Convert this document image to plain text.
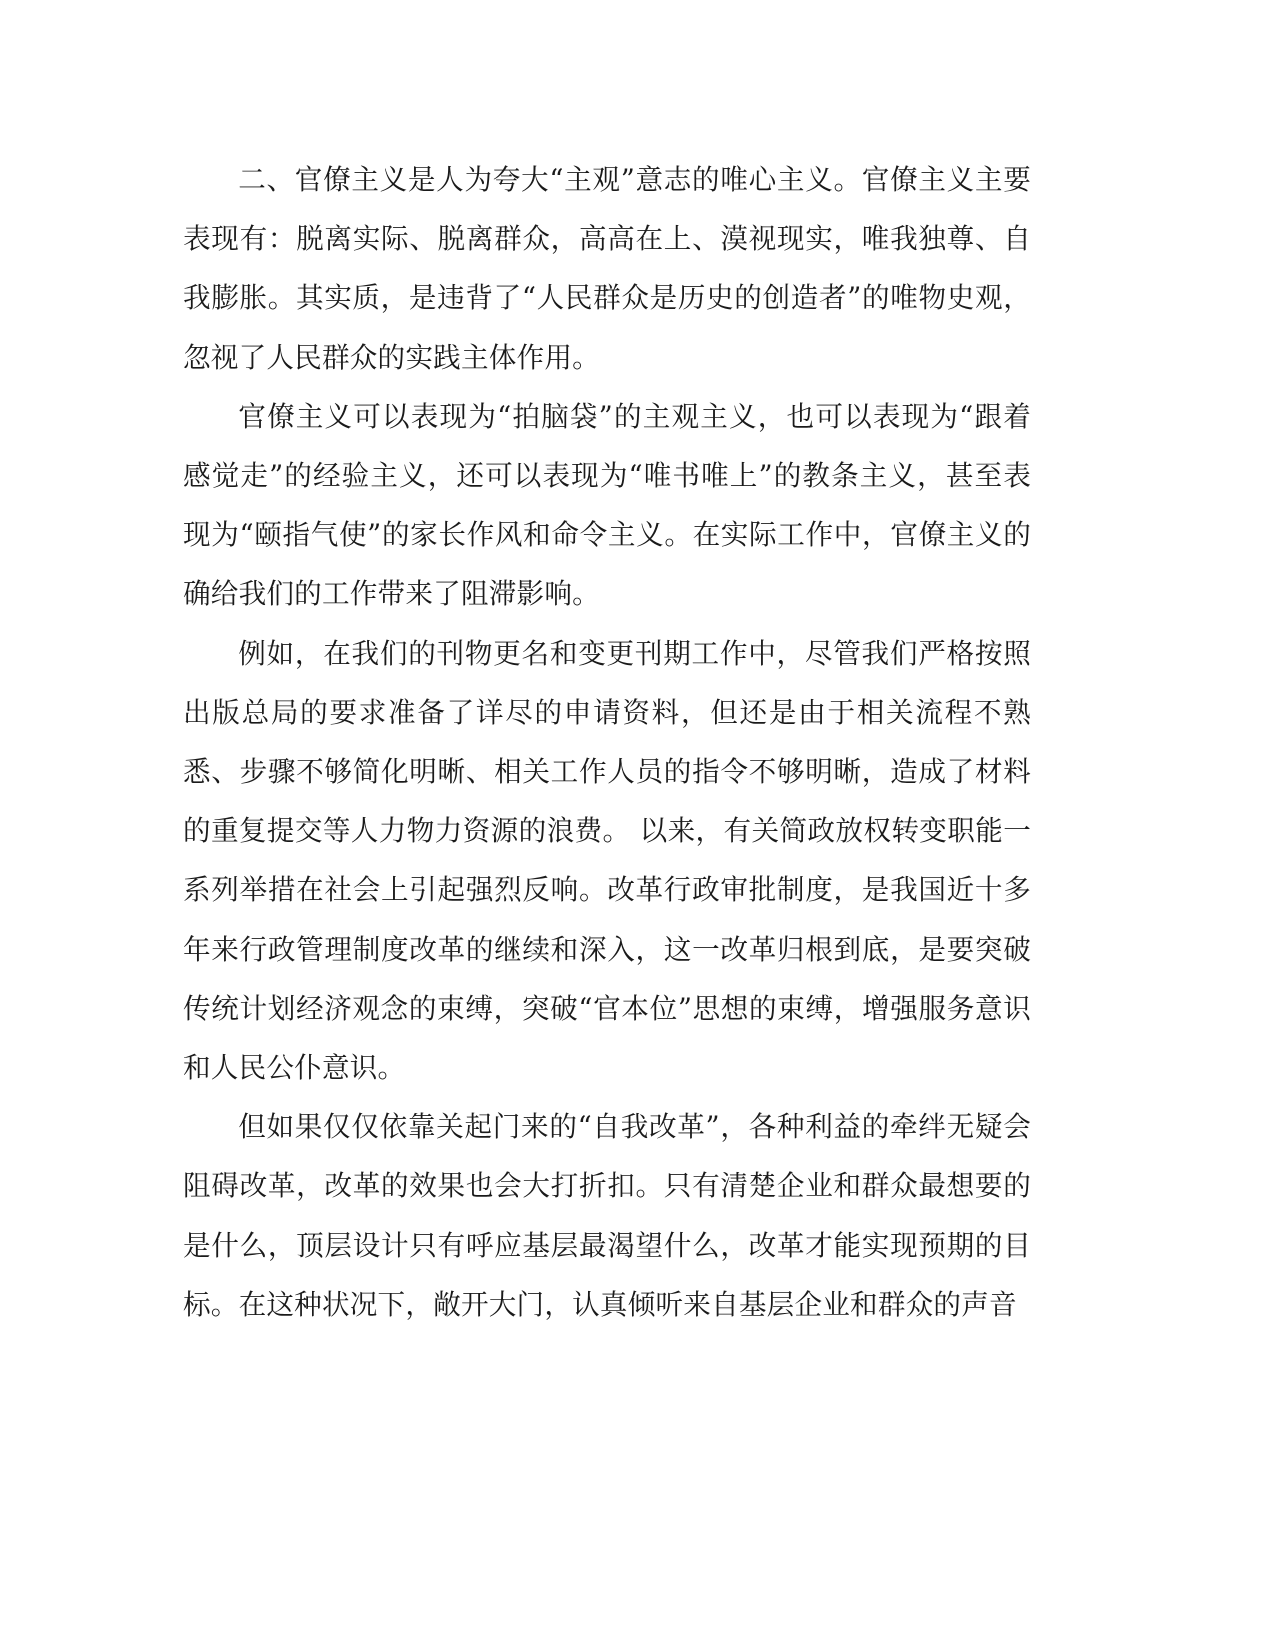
二、官僚主义是人为夸大“主观”意志的唯心主义。官僚主义主要表现有：脱离实际、脱离群众，高高在上、漠视现实，唯我独尊、自我膨胀。其实质，是违背了“人民群众是历史的创造者”的唯物史观，忽视了人民群众的实践主体作用。

官僚主义可以表现为“拍脑袋”的主观主义，也可以表现为“跟着感觉走”的经验主义，还可以表现为“唯书唯上”的教条主义，甚至表现为“颐指气使”的家长作风和命令主义。在实际工作中，官僚主义的确给我们的工作带来了阻滞影响。

例如，在我们的刊物更名和变更刊期工作中，尽管我们严格按照出版总局的要求准备了详尽的申请资料，但还是由于相关流程不熟悉、步骤不够简化明晰、相关工作人员的指令不够明晰，造成了材料的重复提交等人力物力资源的浪费。 以来，有关简政放权转变职能一系列举措在社会上引起强烈反响。改革行政审批制度，是我国近十多年来行政管理制度改革的继续和深入，这一改革归根到底，是要突破传统计划经济观念的束缚，突破“官本位”思想的束缚，增强服务意识和人民公仆意识。

但如果仅仅依靠关起门来的“自我改革”，各种利益的牵绊无疑会阻碍改革，改革的效果也会大打折扣。只有清楚企业和群众最想要的是什么，顶层设计只有呼应基层最渴望什么，改革才能实现预期的目标。在这种状况下，敞开大门，认真倾听来自基层企业和群众的声音
